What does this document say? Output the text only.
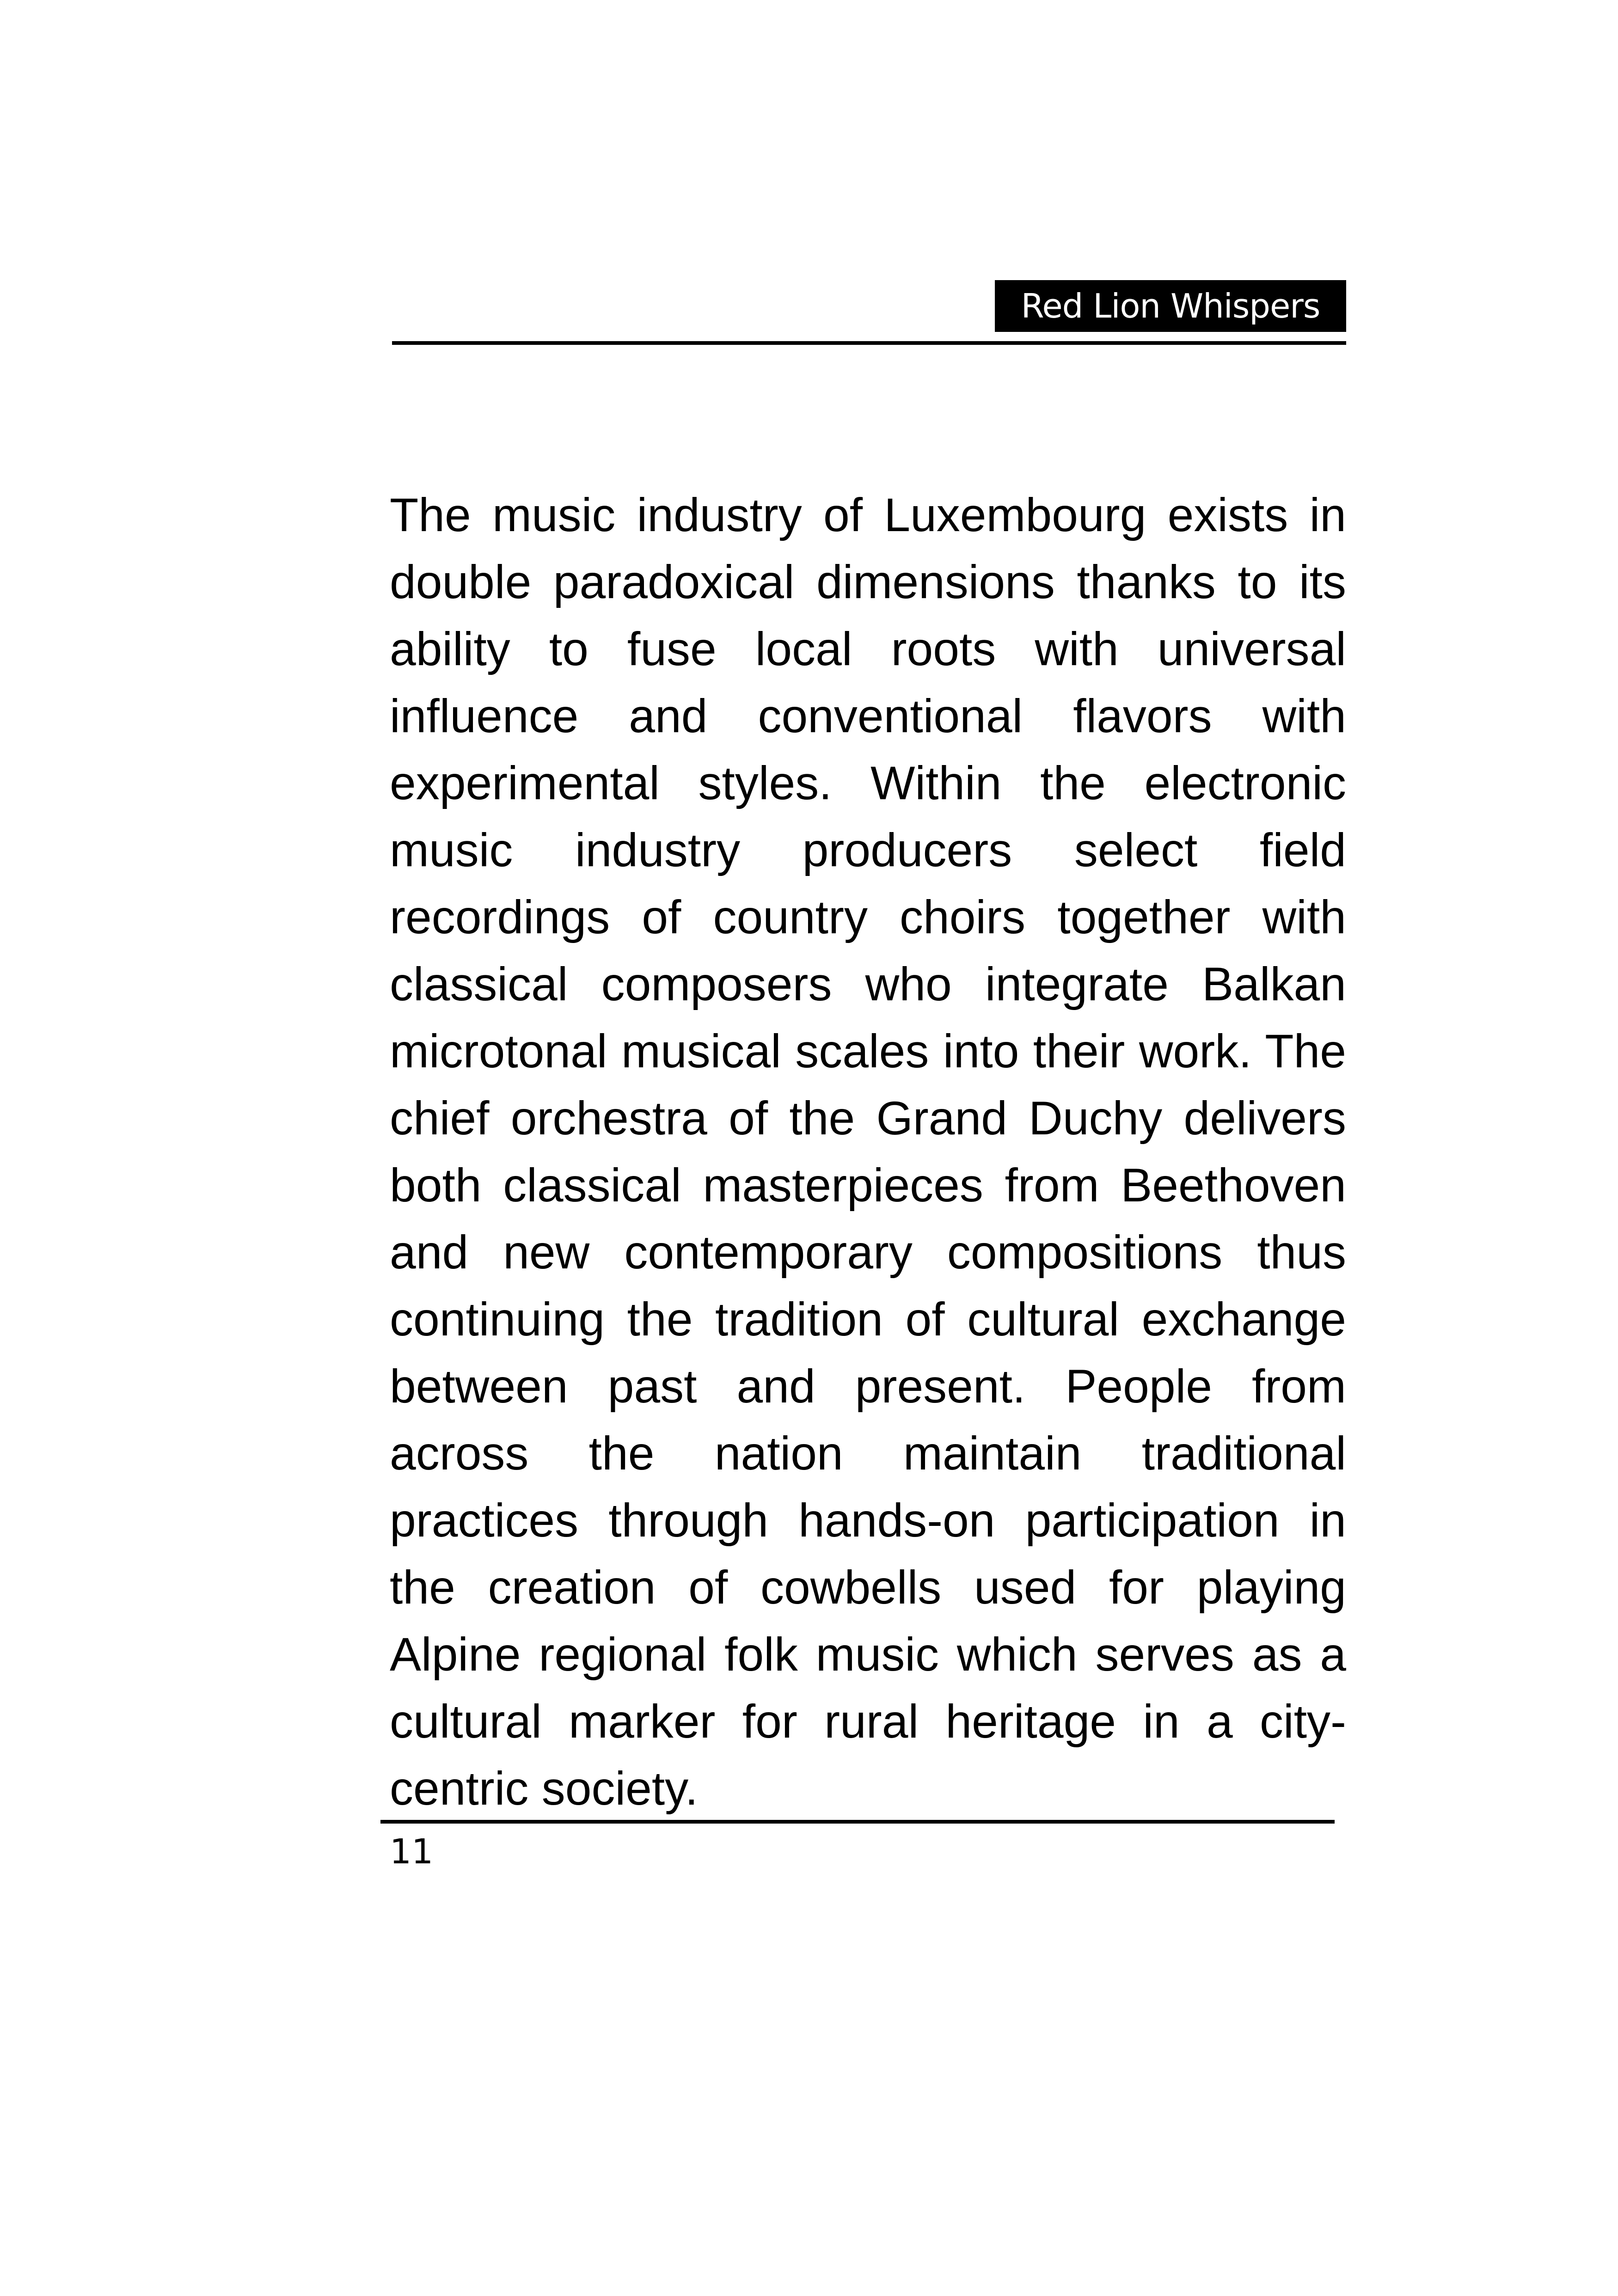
Red Lion Whispers

The music industry of Luxembourg exists in double paradoxical dimensions thanks to its ability to fuse local roots with universal influence and conventional flavors with experimental styles. Within the electronic music industry producers select field recordings of country choirs together with classical composers who integrate Balkan microtonal musical scales into their work. The chief orchestra of the Grand Duchy delivers both classical masterpieces from Beethoven and new contemporary compositions thus continuing the tradition of cultural exchange between past and present. People from across the nation maintain traditional practices through hands-on participation in the creation of cowbells used for playing Alpine regional folk music which serves as a cultural marker for rural heritage in a city-centric society.

11
